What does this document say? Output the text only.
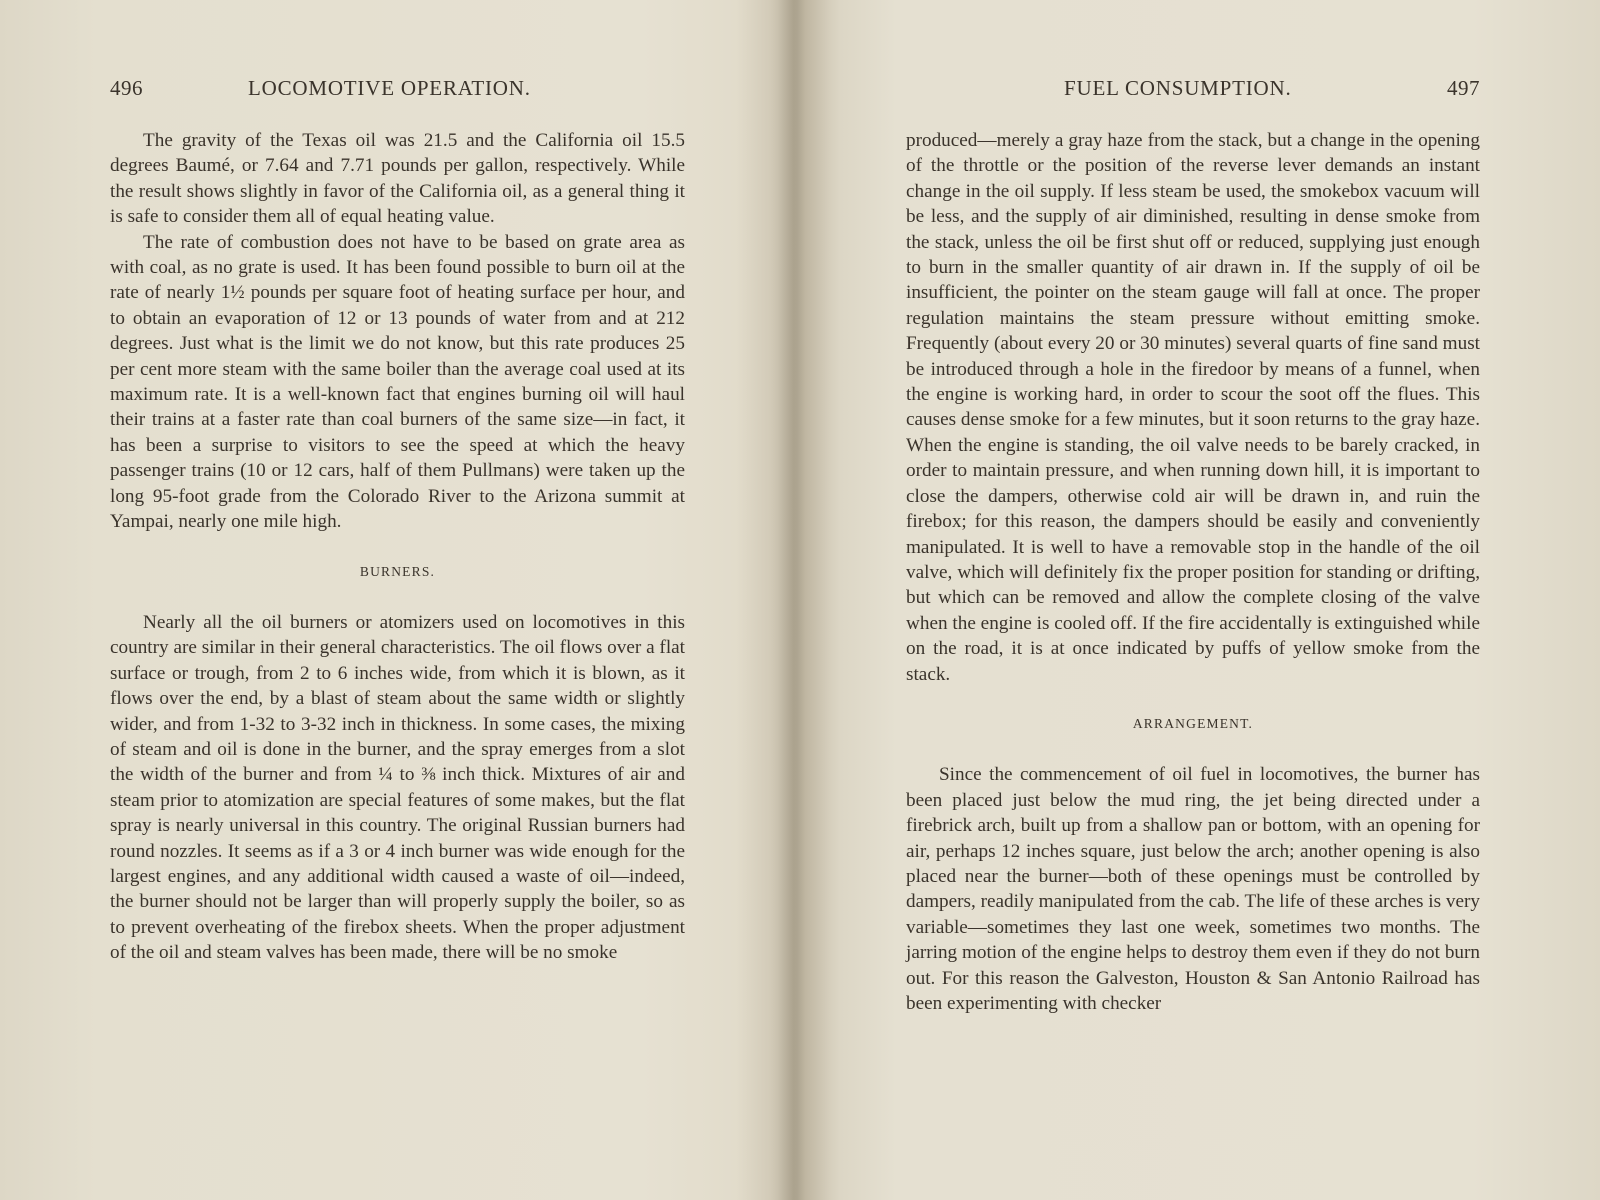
496	LOCOMOTIVE OPERATION.

The gravity of the Texas oil was 21.5 and the California oil 15.5 degrees Baumé, or 7.64 and 7.71 pounds per gallon, respectively. While the result shows slightly in favor of the California oil, as a general thing it is safe to consider them all of equal heating value.

The rate of combustion does not have to be based on grate area as with coal, as no grate is used. It has been found possible to burn oil at the rate of nearly 1½ pounds per square foot of heating surface per hour, and to obtain an evaporation of 12 or 13 pounds of water from and at 212 degrees. Just what is the limit we do not know, but this rate produces 25 per cent more steam with the same boiler than the average coal used at its maximum rate. It is a well-known fact that engines burning oil will haul their trains at a faster rate than coal burners of the same size—in fact, it has been a surprise to visitors to see the speed at which the heavy passenger trains (10 or 12 cars, half of them Pullmans) were taken up the long 95-foot grade from the Colorado River to the Arizona summit at Yampai, nearly one mile high.

BURNERS.

Nearly all the oil burners or atomizers used on locomotives in this country are similar in their general characteristics. The oil flows over a flat surface or trough, from 2 to 6 inches wide, from which it is blown, as it flows over the end, by a blast of steam about the same width or slightly wider, and from 1-32 to 3-32 inch in thickness. In some cases, the mixing of steam and oil is done in the burner, and the spray emerges from a slot the width of the burner and from ¼ to ⅜ inch thick. Mixtures of air and steam prior to atomization are special features of some makes, but the flat spray is nearly universal in this country. The original Russian burners had round nozzles. It seems as if a 3 or 4 inch burner was wide enough for the largest engines, and any additional width caused a waste of oil—indeed, the burner should not be larger than will properly supply the boiler, so as to prevent overheating of the firebox sheets. When the proper adjustment of the oil and steam valves has been made, there will be no smoke

FUEL CONSUMPTION.	497

produced—merely a gray haze from the stack, but a change in the opening of the throttle or the position of the reverse lever demands an instant change in the oil supply. If less steam be used, the smokebox vacuum will be less, and the supply of air diminished, resulting in dense smoke from the stack, unless the oil be first shut off or reduced, supplying just enough to burn in the smaller quantity of air drawn in. If the supply of oil be insufficient, the pointer on the steam gauge will fall at once. The proper regulation maintains the steam pressure without emitting smoke. Frequently (about every 20 or 30 minutes) several quarts of fine sand must be introduced through a hole in the firedoor by means of a funnel, when the engine is working hard, in order to scour the soot off the flues. This causes dense smoke for a few minutes, but it soon returns to the gray haze. When the engine is standing, the oil valve needs to be barely cracked, in order to maintain pressure, and when running down hill, it is important to close the dampers, otherwise cold air will be drawn in, and ruin the firebox; for this reason, the dampers should be easily and conveniently manipulated. It is well to have a removable stop in the handle of the oil valve, which will definitely fix the proper position for standing or drifting, but which can be removed and allow the complete closing of the valve when the engine is cooled off. If the fire accidentally is extinguished while on the road, it is at once indicated by puffs of yellow smoke from the stack.

ARRANGEMENT.

Since the commencement of oil fuel in locomotives, the burner has been placed just below the mud ring, the jet being directed under a firebrick arch, built up from a shallow pan or bottom, with an opening for air, perhaps 12 inches square, just below the arch; another opening is also placed near the burner—both of these openings must be controlled by dampers, readily manipulated from the cab. The life of these arches is very variable—sometimes they last one week, sometimes two months. The jarring motion of the engine helps to destroy them even if they do not burn out. For this reason the Galveston, Houston & San Antonio Railroad has been experimenting with checker
